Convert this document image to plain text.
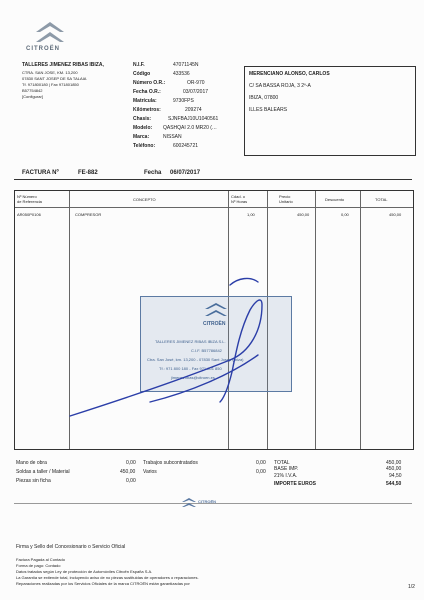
CITROËN
TALLERES JIMENEZ RIBAS IBIZA,
CTRA. SAN JOSE, KM. 13,200
07830 SANT JOSEP DE SA TALAIA
Tf. 971800180 | Fax 971801850
B57754842
[Configurar]
N.I.F.	47071145N
Código	433536
Número O.R.:	OR-970
Fecha O.R.:	03/07/2017
Matrícula:	9730FPS
Kilómetros:	209274
Chasis:	SJNFBAJ10U1040561
Modelo: QASHQAI 2.0 MR20 (…
Marca:	NISSAN
Teléfono:	600245721
MERENCIANO ALONSO, CARLOS
C/ SA BASSA ROJA, 3 2º-A
IBIZA, 07800
ILLES BALEARS
FACTURA Nº	FE-882	Fecha 06/07/2017
Nº Número
de Referencia	CONCEPTO
Cdad. o
Nº Horas
Precio
Unitario	Descuento	TOTAL
AR050P0106	COMPRESOR	1,00	450,00	0,00	450,00
CITROËN
TALLERES JIMENEZ RIBAS IBIZA S.L.
C.I.F. B57786842
Ctra. San José, km. 13,200 - 07830 Sant Josep (Ibiza)
Tf.: 971 800 180 - Fax 971 801 850
jimenezribas@citroen.es
Mano de obra	0,00
Soldas a taller / Material	450,00
Piezas sin ficha	0,00
Trabajos subcontratados	0,00
Varios	0,00
TOTAL	450,00
BASE IMP.	450,00
21% I.V.A.	94,50
IMPORTE EUROS	544,50
CITROËN
Firma y Sello del Concesionario o Servicio Oficial
Factura Pagada al Contado
Forma de pago: Contado
Datos tratados según Ley de protección de Automóviles Citroën España S.A.
La Garantía se extiende total, incluyendo aviso de no piezas sustituidas de operadores o reparaciones.
Reparaciones realizadas por los Servicios Oficiales de la marca CITROËN están garantizadas por
1/2
